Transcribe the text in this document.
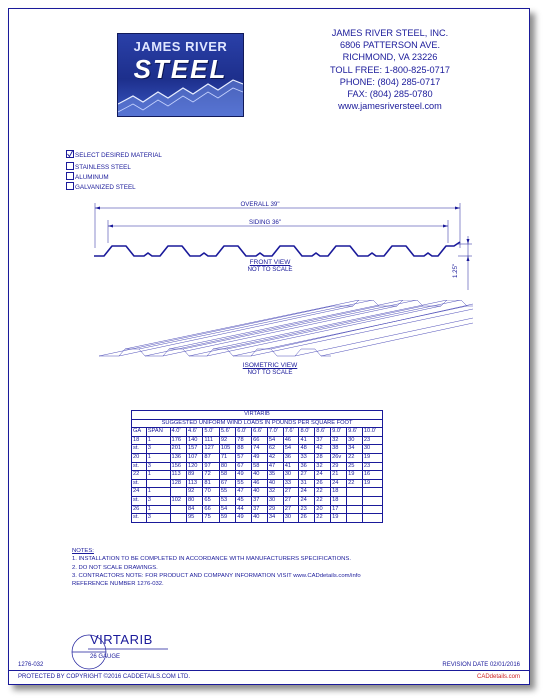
JAMES RIVER
STEEL
JAMES RIVER STEEL, INC.
6806 PATTERSON AVE.
RICHMOND, VA 23226
TOLL FREE: 1-800-825-0717
PHONE: (804) 285-0717
FAX: (804) 285-0780
www.jamesriversteel.com
SELECT DESIRED MATERIAL
STAINLESS STEEL
ALUMINUM
GALVANIZED STEEL
OVERALL 39"
SIDING 36"
1.25"
FRONT VIEW
NOT TO SCALE
ISOMETRIC VIEW
NOT TO SCALE
VIRTARIB														
SUGGESTED UNIFORM WIND LOADS IN POUNDS PER SQUARE FOOT														
GA	SPAN	4.0'	4.6'	5.0'	5.6'	6.0'	6.6'	7.0'	7.6'	8.0'	8.6'	9.0'	9.6'	10.0'
18	1	176	140	111	92	78	66	54	46	41	37	32	30	23
st.	3	201	157	127	105	88	74	62	54	48	42	38	34	30
20	1	136	107	87	71	57	49	42	36	33	28	26v	22	19
st.	3	156	120	97	80	67	58	47	41	36	32	29	25	23
22	1	113	89	72	58	49	40	35	30	27	24	21	19	16
st.		128	113	81	67	55	46	40	33	31	26	24	22	19
24	1		92	70	55	47	40	32	27	24	22	18		
st.	3	102	80	65	53	45	37	30	27	24	22	18		
26	1		84	66	54	44	37	29	27	23	20	17		
st.	3		95	75	59	49	40	34	30	26	22	19		
NOTES:
1. INSTALLATION TO BE COMPLETED IN ACCORDANCE WITH MANUFACTURERS SPECIFICATIONS.
2. DO NOT SCALE DRAWINGS.
3. CONTRACTORS NOTE: FOR PRODUCT AND COMPANY INFORMATION VISIT www.CADdetails.com/info
REFERENCE NUMBER 1276-032.
VIRTARIB
26 GAUGE
1276-032	REVISION DATE 02/01/2016
PROTECTED BY COPYRIGHT ©2016 CADDETAILS.COM LTD.	CADdetails.com
